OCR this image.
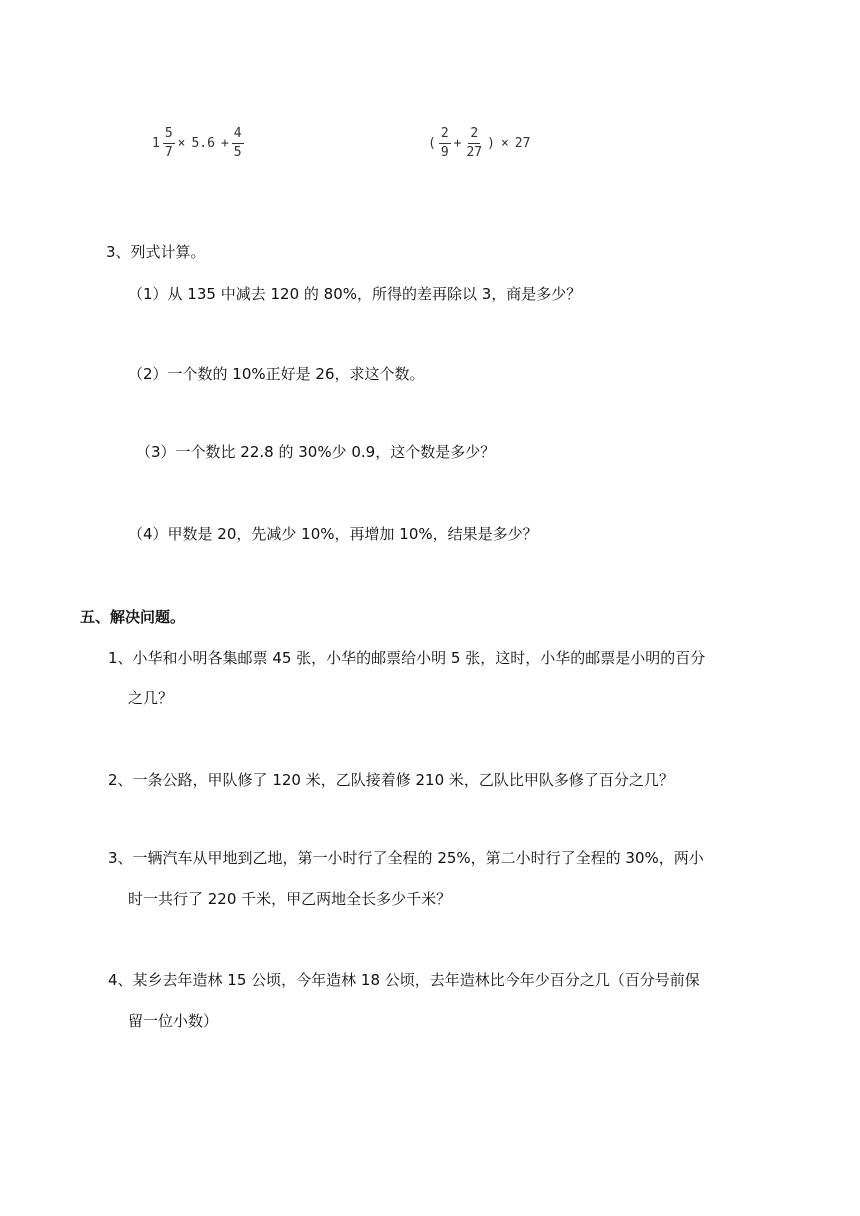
$1 \frac{5}{7} \times 5.6 + \frac{4}{5}$	( $\frac{2}{9} + \frac{2}{27}$ ) × 27
3、列式计算。
（1）从 135 中减去 120 的 80%，所得的差再除以 3，商是多少？
（2）一个数的 10%正好是 26，求这个数。
（3）一个数比 22.8 的 30%少 0.9，这个数是多少？
（4）甲数是 20，先减少 10%，再增加 10%，结果是多少？
五、解决问题。
1、小华和小明各集邮票 45 张，小华的邮票给小明 5 张，这时，小华的邮票是小明的百分
之几？
2、一条公路，甲队修了 120 米，乙队接着修 210 米，乙队比甲队多修了百分之几？
3、一辆汽车从甲地到乙地，第一小时行了全程的 25%，第二小时行了全程的 30%，两小
时一共行了 220 千米，甲乙两地全长多少千米？
4、某乡去年造林 15 公顷，今年造林 18 公顷，去年造林比今年少百分之几（百分号前保
留一位小数）
